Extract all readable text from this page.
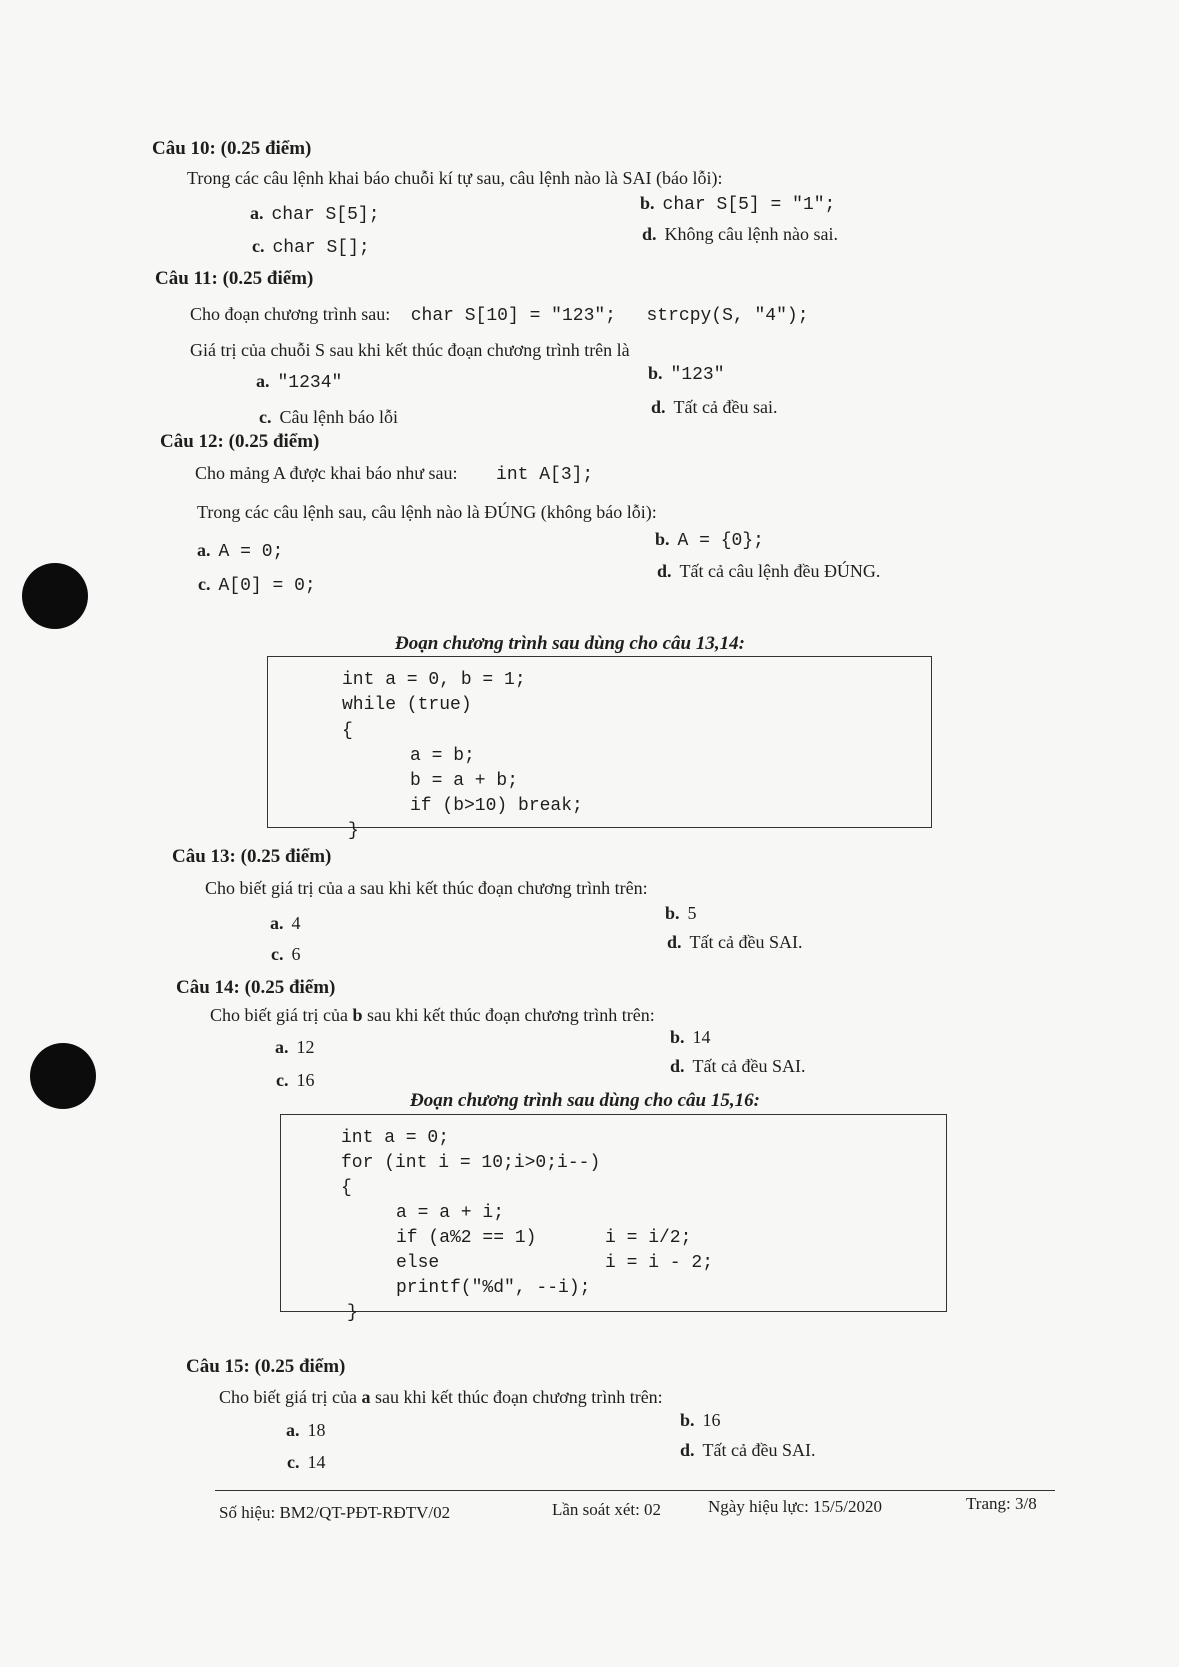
Câu 10: (0.25 điểm)
Trong các câu lệnh khai báo chuỗi kí tự sau, câu lệnh nào là SAI (báo lỗi):
a. char S[5];
b. char S[5] = "1";
c. char S[];
d. Không câu lệnh nào sai.
Câu 11: (0.25 điểm)
Cho đoạn chương trình sau: char S[10] = "123"; strcpy(S, "4");
Giá trị của chuỗi S sau khi kết thúc đoạn chương trình trên là
a. "1234"	b. "123"
c. Câu lệnh báo lỗi	d. Tất cả đều sai.
Câu 12: (0.25 điểm)
Cho mảng A được khai báo như sau: int A[3];
Trong các câu lệnh sau, câu lệnh nào là ĐÚNG (không báo lỗi):
a. A = 0;
b. A = {0};
c. A[0] = 0;
d. Tất cả câu lệnh đều ĐÚNG.
Đoạn chương trình sau dùng cho câu 13,14:

int a = 0, b = 1;

while (true)

{

a = b;

b = a + b;

if (b>10) break;

}

Câu 13: (0.25 điểm)
Cho biết giá trị của a sau khi kết thúc đoạn chương trình trên:
a. 4	b. 5
c. 6
d. Tất cả đều SAI.
Câu 14: (0.25 điểm)
Cho biết giá trị của b sau khi kết thúc đoạn chương trình trên:
a. 12	b. 14
c. 16
d. Tất cả đều SAI.
Đoạn chương trình sau dùng cho câu 15,16:

int a = 0;

for (int i = 10;i>0;i--)

{

a = a + i;

if (a%2 == 1)

	i = i/2;

else

	i = i - 2;

printf("%d", --i);

}

Câu 15: (0.25 điểm)
Cho biết giá trị của a sau khi kết thúc đoạn chương trình trên:
a. 18	b. 16
c. 14
d. Tất cả đều SAI.
Số hiệu: BM2/QT-PĐT-RĐTV/02	Lần soát xét: 02	Ngày hiệu lực: 15/5/2020	Trang: 3/8
